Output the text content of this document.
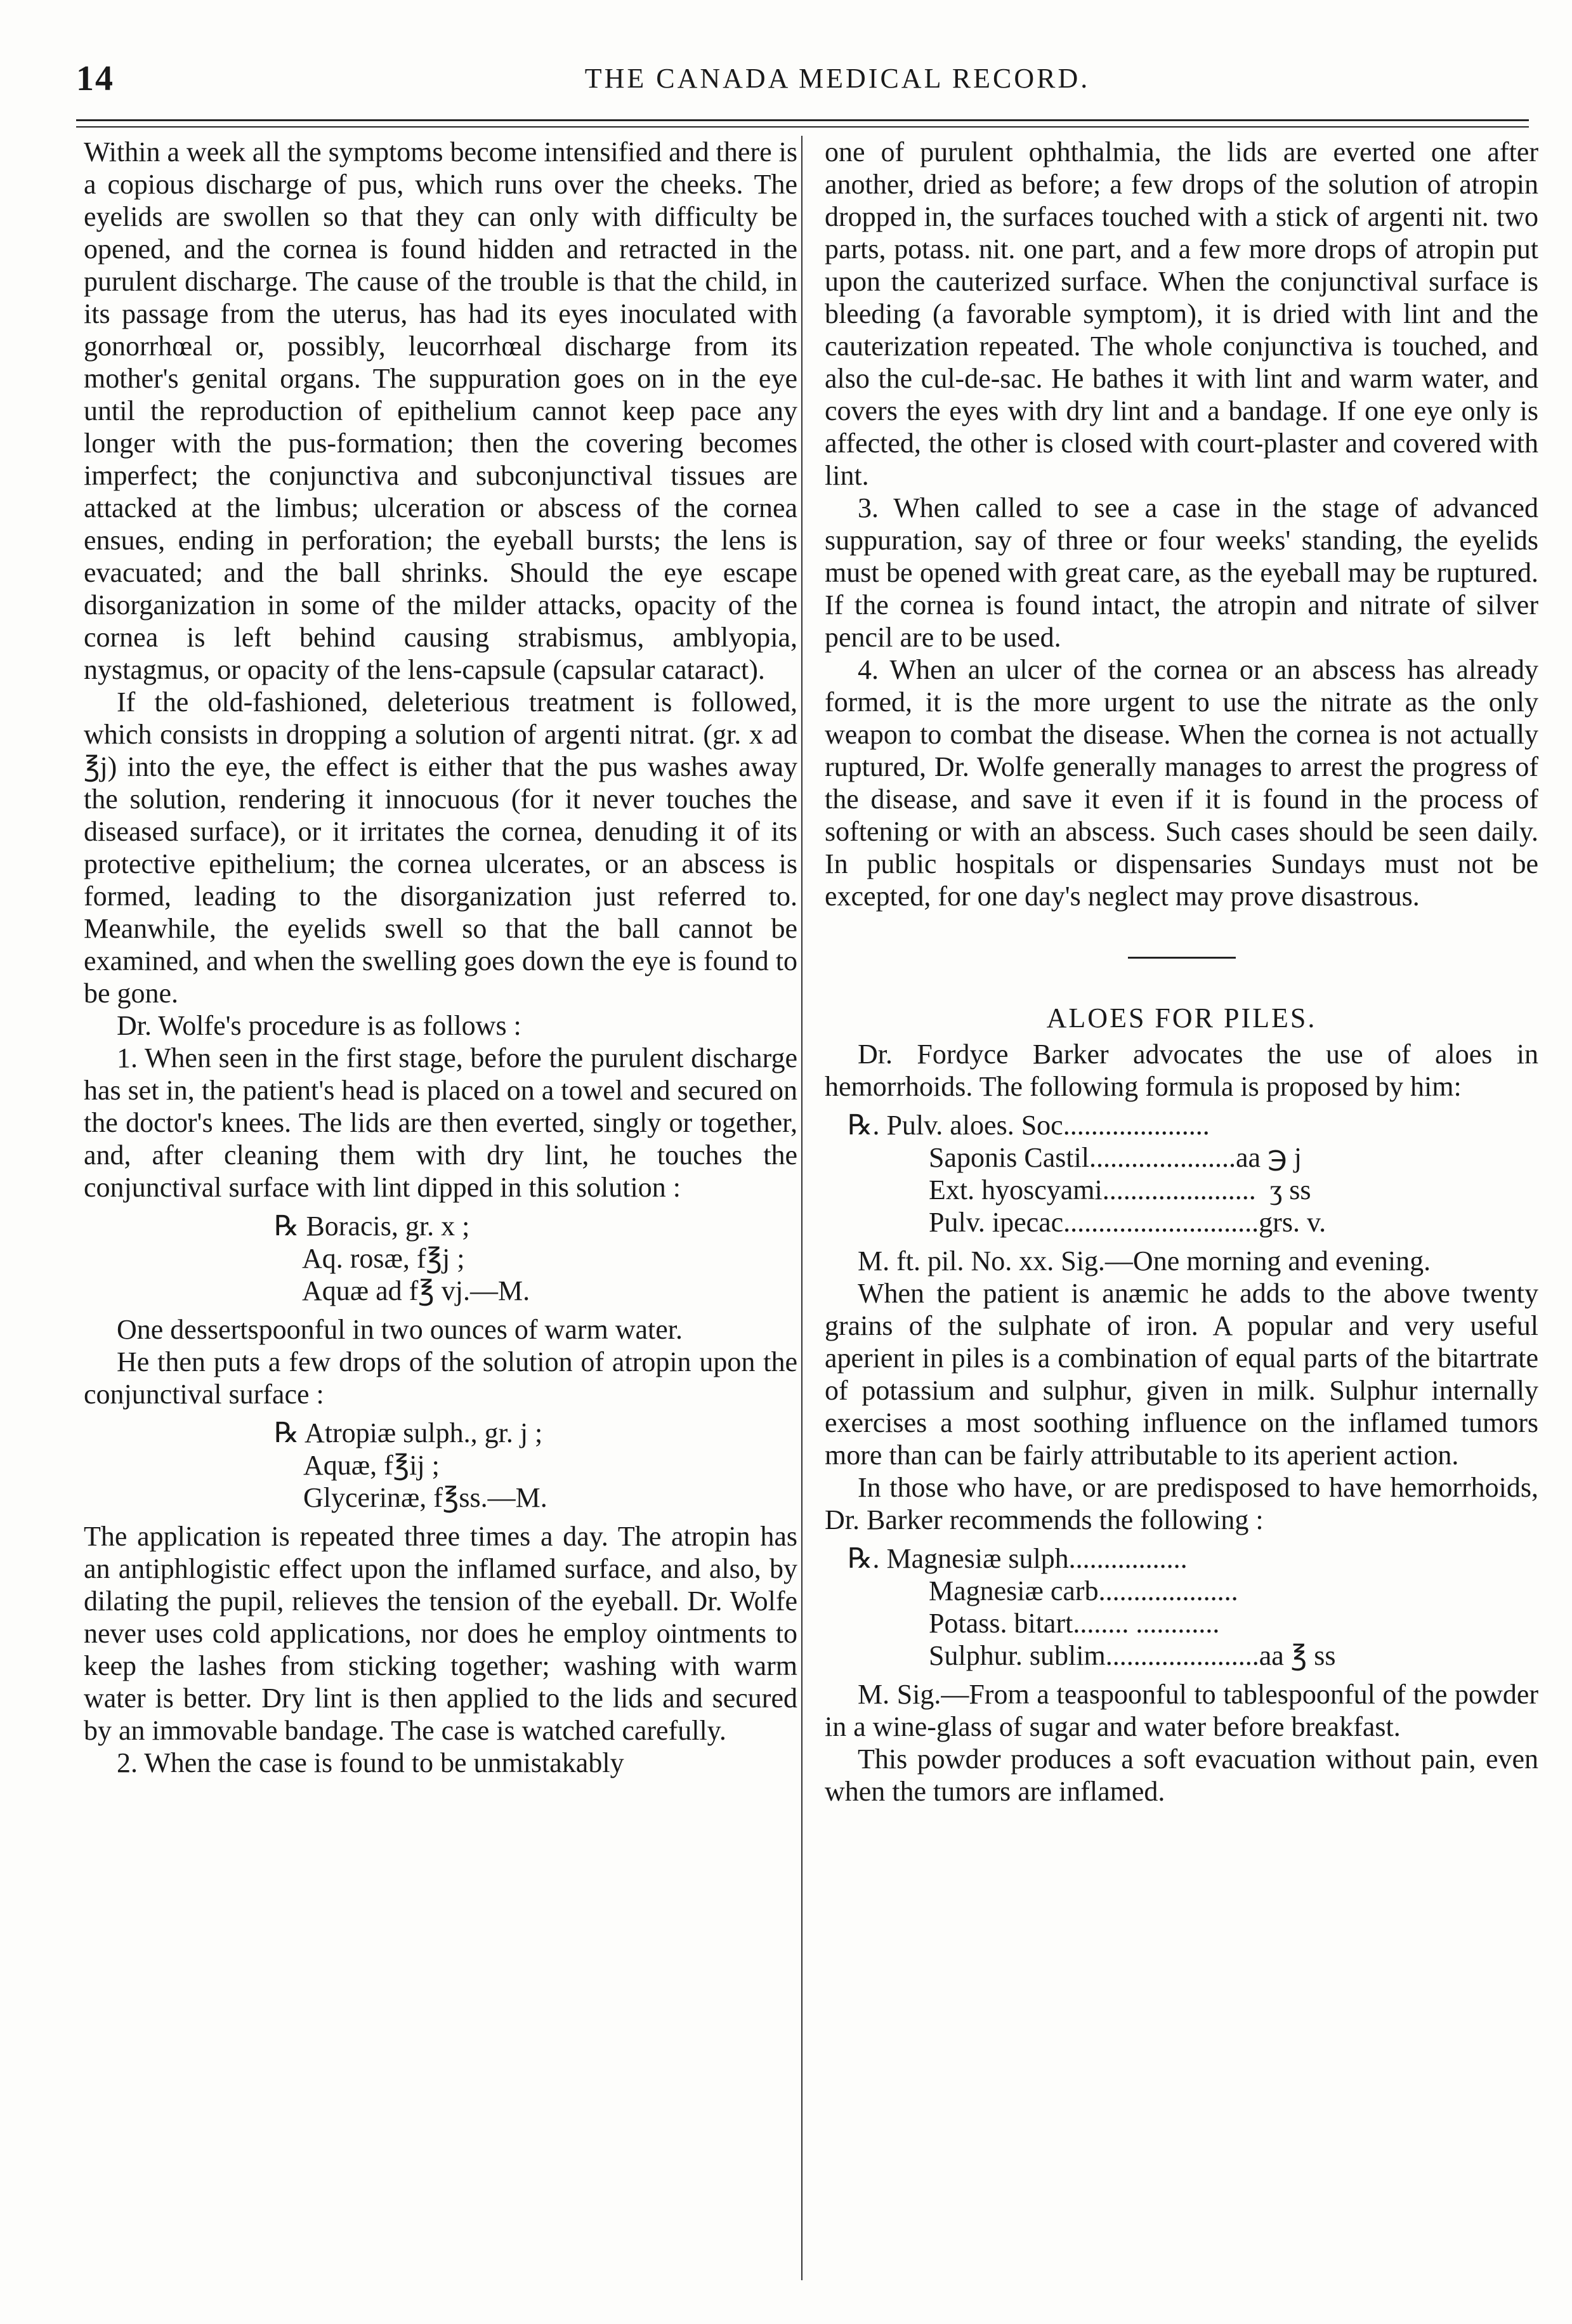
14	THE CANADA MEDICAL RECORD.

Within a week all the symptoms become intensified and there is a copious discharge of pus, which runs over the cheeks. The eyelids are swollen so that they can only with difficulty be opened, and the cornea is found hidden and retracted in the purulent discharge. The cause of the trouble is that the child, in its passage from the uterus, has had its eyes inoculated with gonorrhœal or, possibly, leucorrhœal discharge from its mother's genital organs. The suppuration goes on in the eye until the reproduction of epithelium cannot keep pace any longer with the pus-formation; then the covering becomes imperfect; the conjunctiva and subconjunctival tissues are attacked at the limbus; ulceration or abscess of the cornea ensues, ending in perforation; the eyeball bursts; the lens is evacuated; and the ball shrinks. Should the eye escape disorganization in some of the milder attacks, opacity of the cornea is left behind causing strabismus, amblyopia, nystagmus, or opacity of the lens-capsule (capsular cataract).

If the old-fashioned, deleterious treatment is followed, which consists in dropping a solution of argenti nitrat. (gr. x ad ℥j) into the eye, the effect is either that the pus washes away the solution, rendering it innocuous (for it never touches the diseased surface), or it irritates the cornea, denuding it of its protective epithelium; the cornea ulcerates, or an abscess is formed, leading to the disorganization just referred to. Meanwhile, the eyelids swell so that the ball cannot be examined, and when the swelling goes down the eye is found to be gone.

Dr. Wolfe's procedure is as follows :

1. When seen in the first stage, before the purulent discharge has set in, the patient's head is placed on a towel and secured on the doctor's knees. The lids are then everted, singly or together, and, after cleaning them with dry lint, he touches the conjunctival surface with lint dipped in this solution :

℞ Boracis, gr. x ;
Aq. rosæ, f℥j ;
Aquæ ad f℥ vj.—M.

One dessertspoonful in two ounces of warm water.

He then puts a few drops of the solution of atropin upon the conjunctival surface :

℞ Atropiæ sulph., gr. j ;
Aquæ, f℥ij ;
Glycerinæ, f℥ss.—M.

The application is repeated three times a day. The atropin has an antiphlogistic effect upon the inflamed surface, and also, by dilating the pupil, relieves the tension of the eyeball. Dr. Wolfe never uses cold applications, nor does he employ ointments to keep the lashes from sticking together; washing with warm water is better. Dry lint is then applied to the lids and secured by an immovable bandage. The case is watched carefully.

2. When the case is found to be unmistakably

one of purulent ophthalmia, the lids are everted one after another, dried as before; a few drops of the solution of atropin dropped in, the surfaces touched with a stick of argenti nit. two parts, potass. nit. one part, and a few more drops of atropin put upon the cauterized surface. When the conjunctival surface is bleeding (a favorable symptom), it is dried with lint and the cauterization repeated. The whole conjunctiva is touched, and also the cul-de-sac. He bathes it with lint and warm water, and covers the eyes with dry lint and a bandage. If one eye only is affected, the other is closed with court-plaster and covered with lint.

3. When called to see a case in the stage of advanced suppuration, say of three or four weeks' standing, the eyelids must be opened with great care, as the eyeball may be ruptured. If the cornea is found intact, the atropin and nitrate of silver pencil are to be used.

4. When an ulcer of the cornea or an abscess has already formed, it is the more urgent to use the nitrate as the only weapon to combat the disease. When the cornea is not actually ruptured, Dr. Wolfe generally manages to arrest the progress of the disease, and save it even if it is found in the process of softening or with an abscess. Such cases should be seen daily. In public hospitals or dispensaries Sundays must not be excepted, for one day's neglect may prove disastrous.

ALOES FOR PILES.

Dr. Fordyce Barker advocates the use of aloes in hemorrhoids. The following formula is proposed by him:

℞. Pulv. aloes. Soc.....................
Saponis Castil.....................aa ℈ j
Ext. hyoscyami......................  ʒ ss
Pulv. ipecac............................grs. v.

M. ft. pil. No. xx. Sig.—One morning and evening.

When the patient is anæmic he adds to the above twenty grains of the sulphate of iron. A popular and very useful aperient in piles is a combination of equal parts of the bitartrate of potassium and sulphur, given in milk. Sulphur internally exercises a most soothing influence on the inflamed tumors more than can be fairly attributable to its aperient action.

In those who have, or are predisposed to have hemorrhoids, Dr. Barker recommends the following :

℞. Magnesiæ sulph.................
Magnesiæ carb....................
Potass. bitart........ ............
Sulphur. sublim......................aa ℥ ss

M. Sig.—From a teaspoonful to tablespoonful of the powder in a wine-glass of sugar and water before breakfast.

This powder produces a soft evacuation without pain, even when the tumors are inflamed.
